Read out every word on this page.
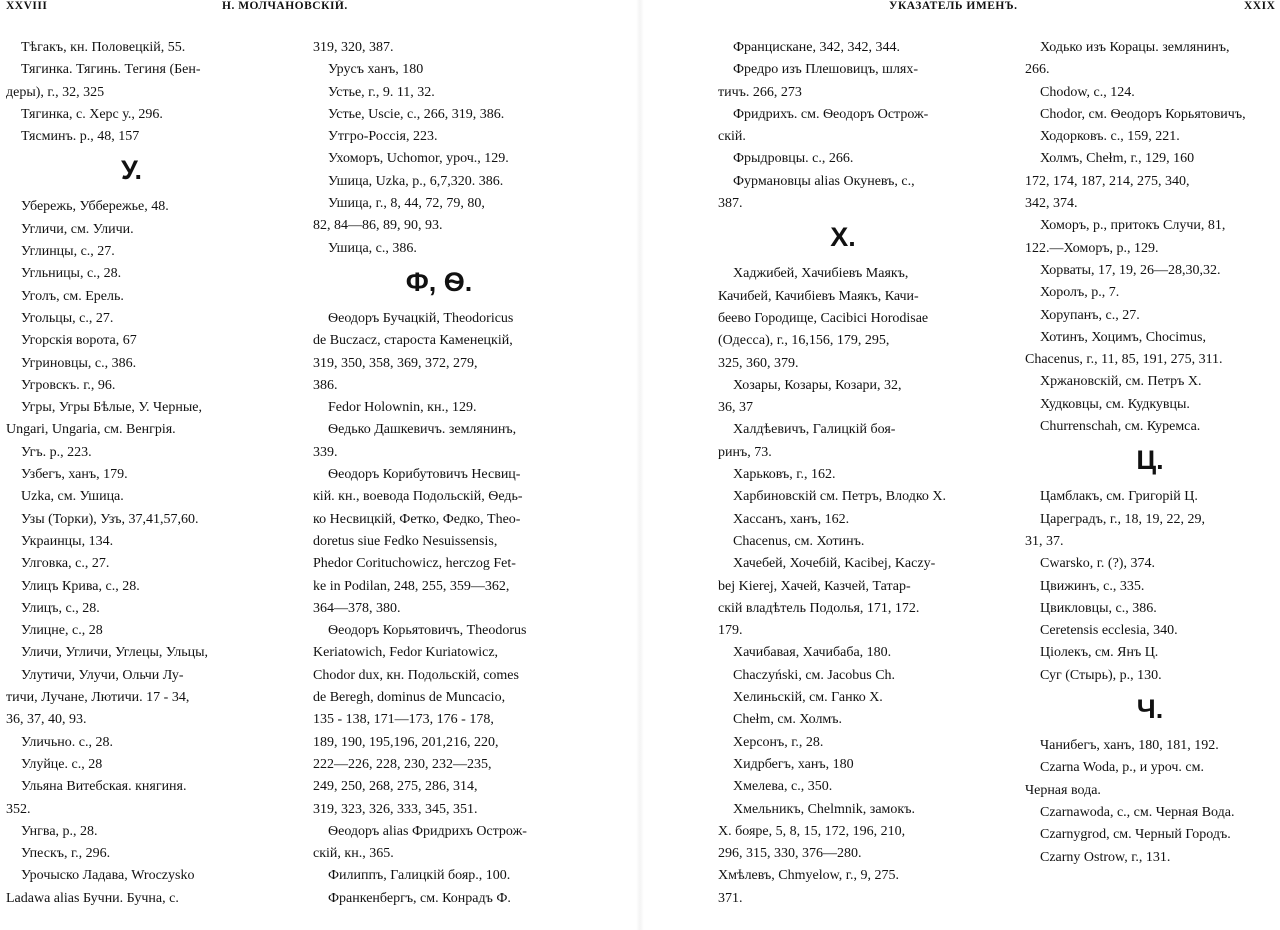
XXVIII	Н. МОЛЧАНОВСКІЙ.

Тѣгакъ, кн. Половецкій, 55.

Тягинка. Тягинь. Тегиня (Бен-

деры), г., 32, 325

Тягинка, с. Херс у., 296.

Тясминъ. р., 48, 157

У.

Убережь, Уббережье, 48.

Угличи, см. Уличи.

Углинцы, с., 27.

Угльницы, с., 28.

Уголъ, см. Ерель.

Угольцы, с., 27.

Угорскія ворота, 67

Угриновцы, с., 386.

Угровскъ. г., 96.

Угры, Угры Бѣлые, У. Черные,

Ungari, Ungaria, см. Венгрія.

Угъ. р., 223.

Узбегъ, ханъ, 179.

Uzka, см. Ушица.

Узы (Торки), Узъ, 37,41,57,60.

Украинцы, 134.

Улговка, с., 27.

Улицъ Крива, с., 28.

Улицъ, с., 28.

Улицне, с., 28

Уличи, Угличи, Углецы, Ульцы,

Улутичи, Улучи, Ольчи Лу-

тичи, Лучане, Лютичи. 17 - 34,

36, 37, 40, 93.

Уличьно. с., 28.

Улуйце. с., 28

Ульяна Витебская. княгиня.

352.

Унгва, р., 28.

Упескъ, г., 296.

Урочыско Ладава, Wroczysko

Ladawa alias Бучни. Бучна, с.

319, 320, 387.

Урусъ ханъ, 180

Устье, г., 9. 11, 32.

Устье, Uscie, с., 266, 319, 386.

Утгро-Россія, 223.

Ухоморъ, Uchomor, уроч., 129.

Ушица, Uzka, р., 6,7,320. 386.

Ушица, г., 8, 44, 72, 79, 80,

82, 84—86, 89, 90, 93.

Ушица, с., 386.

Ф, Ѳ.

Ѳеодоръ Бучацкій, Theodoricus

de Buczacz, староста Каменецкій,

319, 350, 358, 369, 372, 279,

386.

Fedor Holownin, кн., 129.

Ѳедько Дашкевичъ. землянинъ,

339.

Ѳеодоръ Корибутовичъ Несвиц-

кій. кн., воевода Подольскій, Ѳедь-

ко Несвицкій, Фетко, Федко, Theo-

doretus siue Fedko Nesuissensis,

Phedor Corituchowicz, herczog Fet-

ke in Podilan, 248, 255, 359—362,

364—378, 380.

Ѳеодоръ Корьятовичъ, Theodorus

Keriatowich, Fedor Kuriatowicz,

Chodor dux, кн. Подольскій, comes

de Beregh, dominus de Muncacio,

135 - 138, 171—173, 176 - 178,

189, 190, 195,196, 201,216, 220,

222—226, 228, 230, 232—235,

249, 250, 268, 275, 286, 314,

319, 323, 326, 333, 345, 351.

Ѳеодоръ alias Фридрихъ Острож-

скій, кн., 365.

Филиппъ, Галицкій бояр., 100.

Франкенбергъ, см. Конрадъ Ф.

УКАЗАТЕЛЬ ИМЕНЪ.	XXIX

Францисканe, 342, 342, 344.

Фредро изъ Плешовицъ, шлях-

тичъ. 266, 273

Фридрихъ. см. Ѳеодоръ Острож-

скій.

Фрыдровцы. с., 266.

Фурмановцы alias Окуневъ, с.,

387.

Х.

Хаджибей, Хачибіевъ Маякъ,

Качибей, Качибіевъ Маякъ, Качи-

беево Городище, Cacibici Horodisae

(Одесса), г., 16,156, 179, 295,

325, 360, 379.

Хозары, Козары, Козари, 32,

36, 37

Халдѣевичъ, Галицкій боя-

ринъ, 73.

Харьковъ, г., 162.

Харбиновскій см. Петръ, Влодко Х.

Хассанъ, ханъ, 162.

Chacenus, см. Хотинъ.

Хачебей, Хочебій, Kacibej, Kaczy-

bej Kierej, Хачей, Казчей, Татар-

скій владѣтель Подолья, 171, 172.

179.

Хачибавая, Хачибаба, 180.

Chaczyński, см. Jacobus Ch.

Хелиньскій, см. Ганко Х.

Chełm, см. Холмъ.

Херсонъ, г., 28.

Хидрбегъ, ханъ, 180

Хмелева, с., 350.

Хмельникъ, Chelmnik, замокъ.

Х. бояре, 5, 8, 15, 172, 196, 210,

296, 315, 330, 376—280.

Хмѣлевъ, Chmyelow, г., 9, 275.

371.

Ходько изъ Корацы. землянинъ,

266.

Chodow, с., 124.

Chodor, см. Ѳеодоръ Корьятовичъ,

Ходорковъ. с., 159, 221.

Холмъ, Chełm, г., 129, 160

172, 174, 187, 214, 275, 340,

342, 374.

Хоморъ, р., притокъ Случи, 81,

122.—Хоморъ, р., 129.

Хорваты, 17, 19, 26—28,30,32.

Хоролъ, р., 7.

Хорупанъ, с., 27.

Хотинъ, Хоцимъ, Chocimus,

Chacenus, г., 11, 85, 191, 275, 311.

Хржановскій, см. Петръ Х.

Худковцы, см. Кудкувцы.

Churrenschah, см. Куремса.

Ц.

Цамблакъ, см. Григорій Ц.

Цареградъ, г., 18, 19, 22, 29,

31, 37.

Cwarsko, г. (?), 374.

Цвижинъ, с., 335.

Цвикловцы, с., 386.

Ceretensis ecclesia, 340.

Цiолекъ, см. Янъ Ц.

Суг (Стырь), р., 130.

Ч.

Чанибегъ, ханъ, 180, 181, 192.

Czarna Woda, р., и уроч. см.

Черная вода.

Czarnawoda, с., см. Черная Вода.

Czarnygrod, см. Черный Городъ.

Czarny Ostrow, г., 131.
